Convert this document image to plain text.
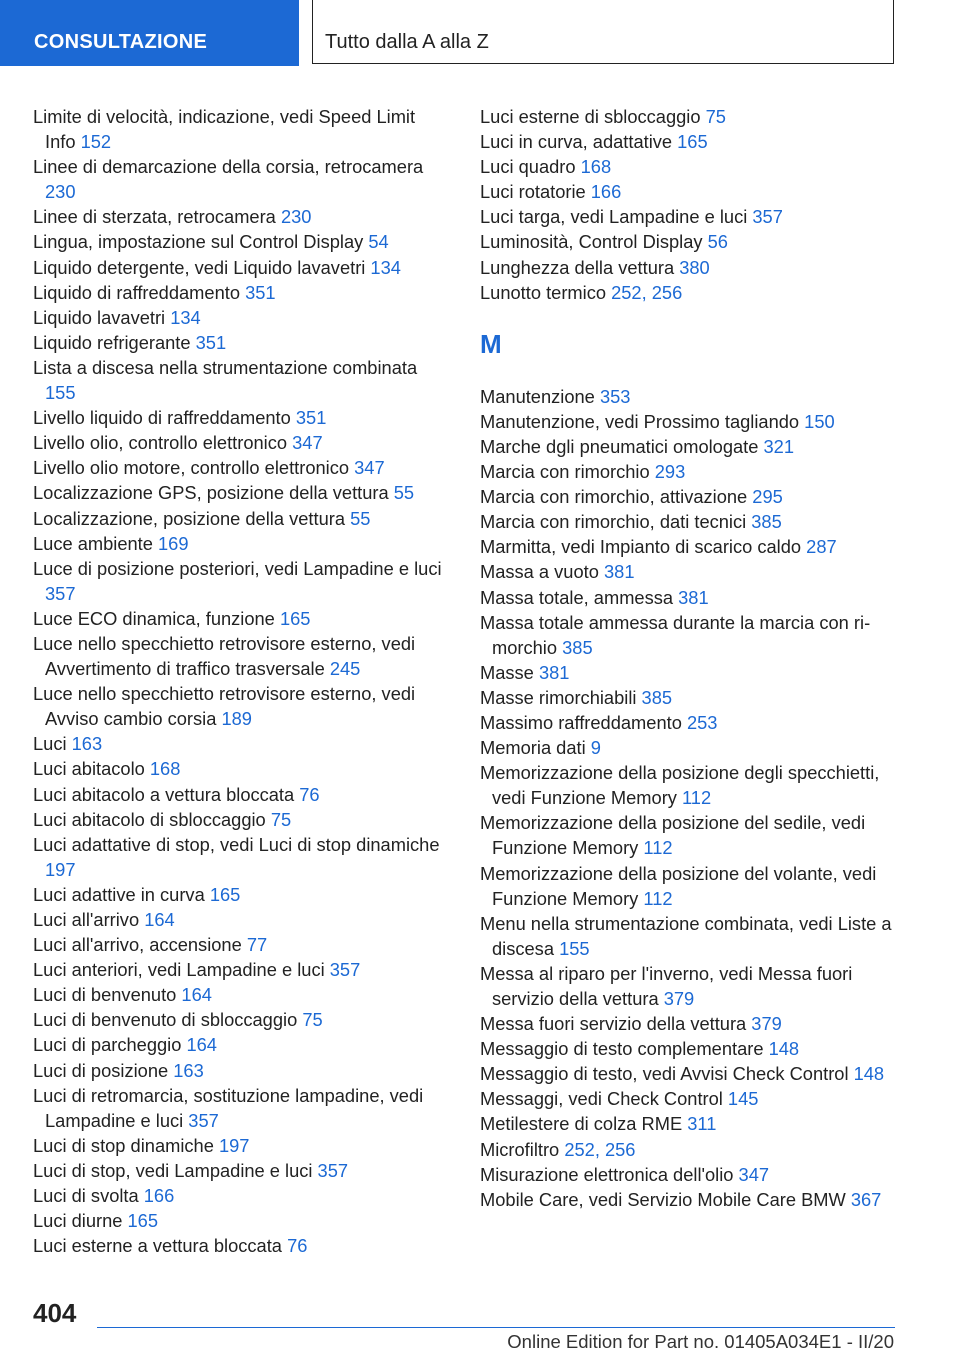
CONSULTAZIONE	Tutto dalla A alla Z

Limite di velocità, indicazione, vedi Speed Limit Info 152

Linee di demarcazione della corsia, retrocamera 230

Linee di sterzata, retrocamera 230

Lingua, impostazione sul Control Display 54

Liquido detergente, vedi Liquido lavavetri 134

Liquido di raffreddamento 351

Liquido lavavetri 134

Liquido refrigerante 351

Lista a discesa nella strumentazione combinata 155

Livello liquido di raffreddamento 351

Livello olio, controllo elettronico 347

Livello olio motore, controllo elettronico 347

Localizzazione GPS, posizione della vettura 55

Localizzazione, posizione della vettura 55

Luce ambiente 169

Luce di posizione posteriori, vedi Lampadine e luci 357

Luce ECO dinamica, funzione 165

Luce nello specchietto retrovisore esterno, vedi Avvertimento di traffico trasversale 245

Luce nello specchietto retrovisore esterno, vedi Avviso cambio corsia 189

Luci 163

Luci abitacolo 168

Luci abitacolo a vettura bloccata 76

Luci abitacolo di sbloccaggio 75

Luci adattative di stop, vedi Luci di stop dinamiche 197

Luci adattive in curva 165

Luci all'arrivo 164

Luci all'arrivo, accensione 77

Luci anteriori, vedi Lampadine e luci 357

Luci di benvenuto 164

Luci di benvenuto di sbloccaggio 75

Luci di parcheggio 164

Luci di posizione 163

Luci di retromarcia, sostituzione lampadine, vedi Lampadine e luci 357

Luci di stop dinamiche 197

Luci di stop, vedi Lampadine e luci 357

Luci di svolta 166

Luci diurne 165

Luci esterne a vettura bloccata 76

Luci esterne di sbloccaggio 75

Luci in curva, adattative 165

Luci quadro 168

Luci rotatorie 166

Luci targa, vedi Lampadine e luci 357

Luminosità, Control Display 56

Lunghezza della vettura 380

Lunotto termico 252, 256

M

Manutenzione 353

Manutenzione, vedi Prossimo tagliando 150

Marche dgli pneumatici omologate 321

Marcia con rimorchio 293

Marcia con rimorchio, attivazione 295

Marcia con rimorchio, dati tecnici 385

Marmitta, vedi Impianto di scarico caldo 287

Massa a vuoto 381

Massa totale, ammessa 381

Massa totale ammessa durante la marcia con rimorchio 385

Masse 381

Masse rimorchiabili 385

Massimo raffreddamento 253

Memoria dati 9

Memorizzazione della posizione degli specchietti, vedi Funzione Memory 112

Memorizzazione della posizione del sedile, vedi Funzione Memory 112

Memorizzazione della posizione del volante, vedi Funzione Memory 112

Menu nella strumentazione combinata, vedi Liste a discesa 155

Messa al riparo per l'inverno, vedi Messa fuori servizio della vettura 379

Messa fuori servizio della vettura 379

Messaggio di testo complementare 148

Messaggio di testo, vedi Avvisi Check Control 148

Messaggi, vedi Check Control 145

Metilestere di colza RME 311

Microfiltro 252, 256

Misurazione elettronica dell'olio 347

Mobile Care, vedi Servizio Mobile Care BMW 367

404
Online Edition for Part no. 01405A034E1 - II/20
